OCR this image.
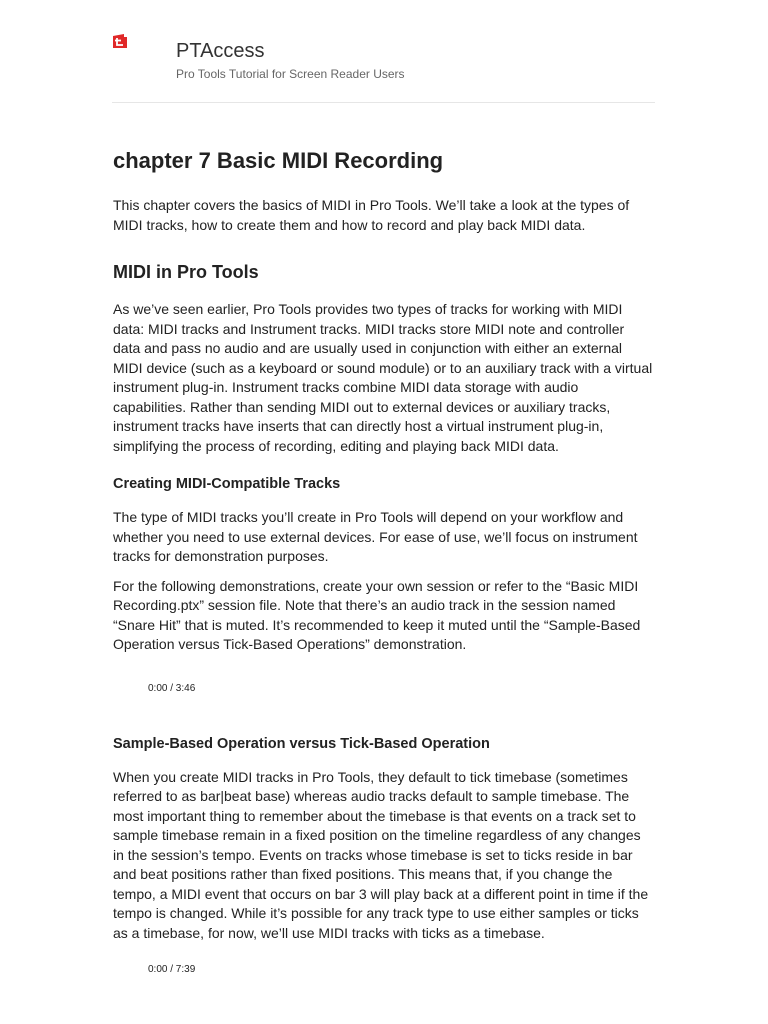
PTAccess
Pro Tools Tutorial for Screen Reader Users
chapter 7 Basic MIDI Recording

This chapter covers the basics of MIDI in Pro Tools. We’ll take a look at the types of MIDI tracks, how to create them and how to record and play back MIDI data.

MIDI in Pro Tools

As we’ve seen earlier, Pro Tools provides two types of tracks for working with MIDI data: MIDI tracks and Instrument tracks. MIDI tracks store MIDI note and controller data and pass no audio and are usually used in conjunction with either an external MIDI device (such as a keyboard or sound module) or to an auxiliary track with a virtual instrument plug-in. Instrument tracks combine MIDI data storage with audio capabilities. Rather than sending MIDI out to external devices or auxiliary tracks, instrument tracks have inserts that can directly host a virtual instrument plug-in, simplifying the process of recording, editing and playing back MIDI data.

Creating MIDI-Compatible Tracks

The type of MIDI tracks you’ll create in Pro Tools will depend on your workflow and whether you need to use external devices. For ease of use, we’ll focus on instrument tracks for demonstration purposes.

For the following demonstrations, create your own session or refer to the “Basic MIDI Recording.ptx” session file. Note that there’s an audio track in the session named “Snare Hit” that is muted. It’s recommended to keep it muted until the “Sample-Based Operation versus Tick-Based Operations” demonstration.

0:00 / 3:46
Sample-Based Operation versus Tick-Based Operation

When you create MIDI tracks in Pro Tools, they default to tick timebase (sometimes referred to as bar|beat base) whereas audio tracks default to sample timebase. The most important thing to remember about the timebase is that events on a track set to sample timebase remain in a fixed position on the timeline regardless of any changes in the session’s tempo. Events on tracks whose timebase is set to ticks reside in bar and beat positions rather than fixed positions. This means that, if you change the tempo, a MIDI event that occurs on bar 3 will play back at a different point in time if the tempo is changed. While it’s possible for any track type to use either samples or ticks as a timebase, for now, we’ll use MIDI tracks with ticks as a timebase.

0:00 / 7:39
